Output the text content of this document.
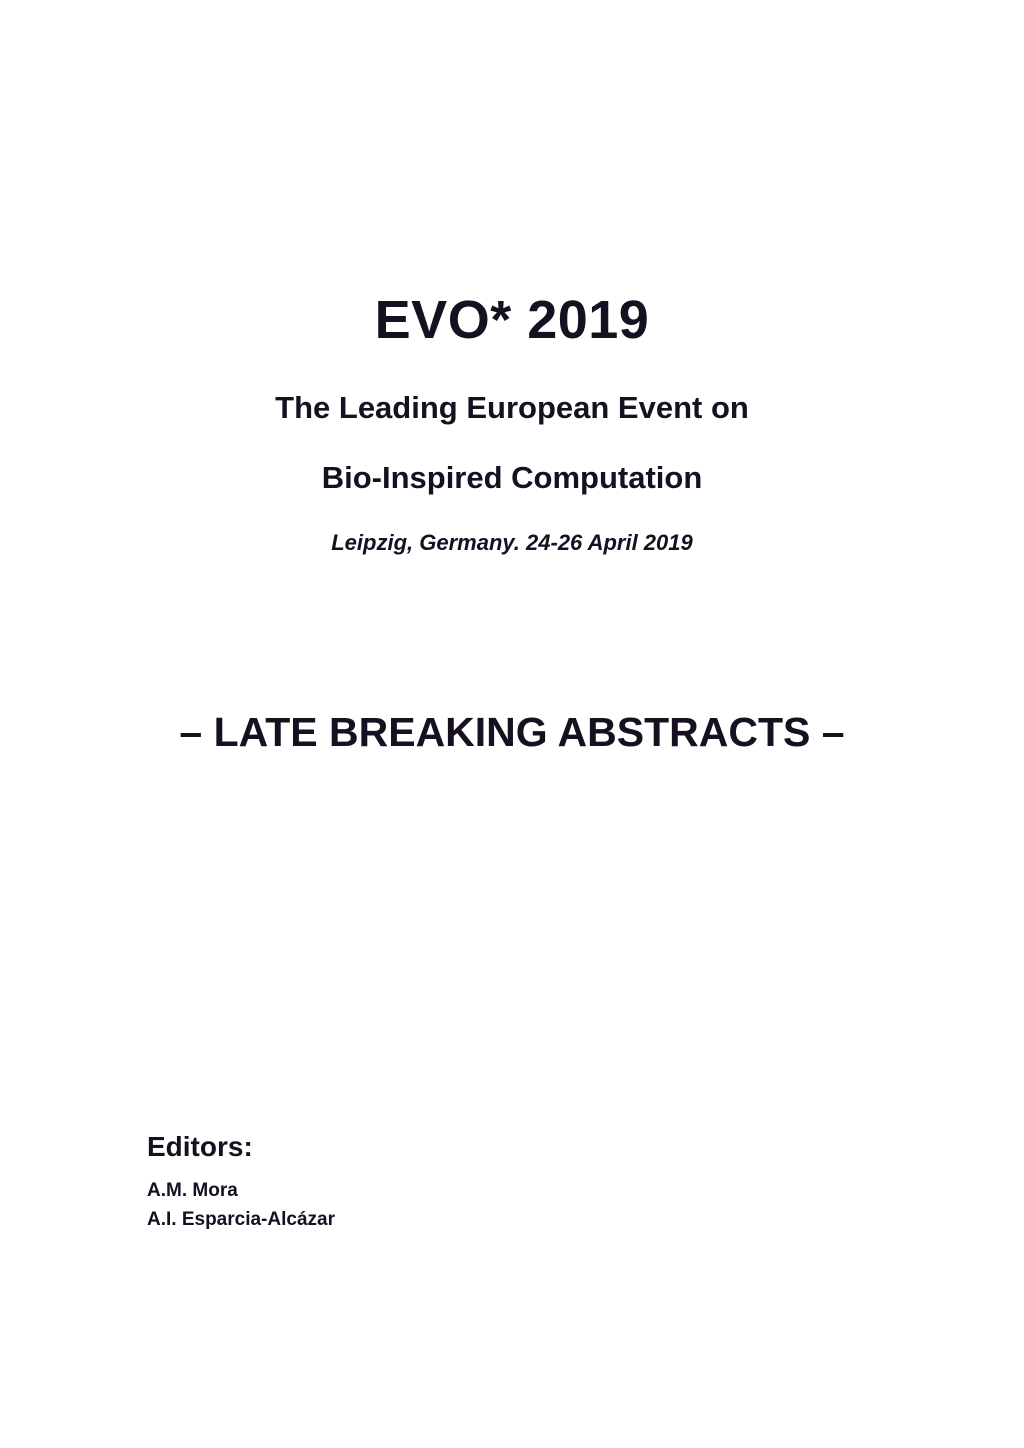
EVO* 2019
The Leading European Event on
Bio-Inspired Computation
Leipzig, Germany. 24-26 April 2019
– LATE BREAKING ABSTRACTS –
Editors:
A.M. Mora
A.I. Esparcia-Alcázar
